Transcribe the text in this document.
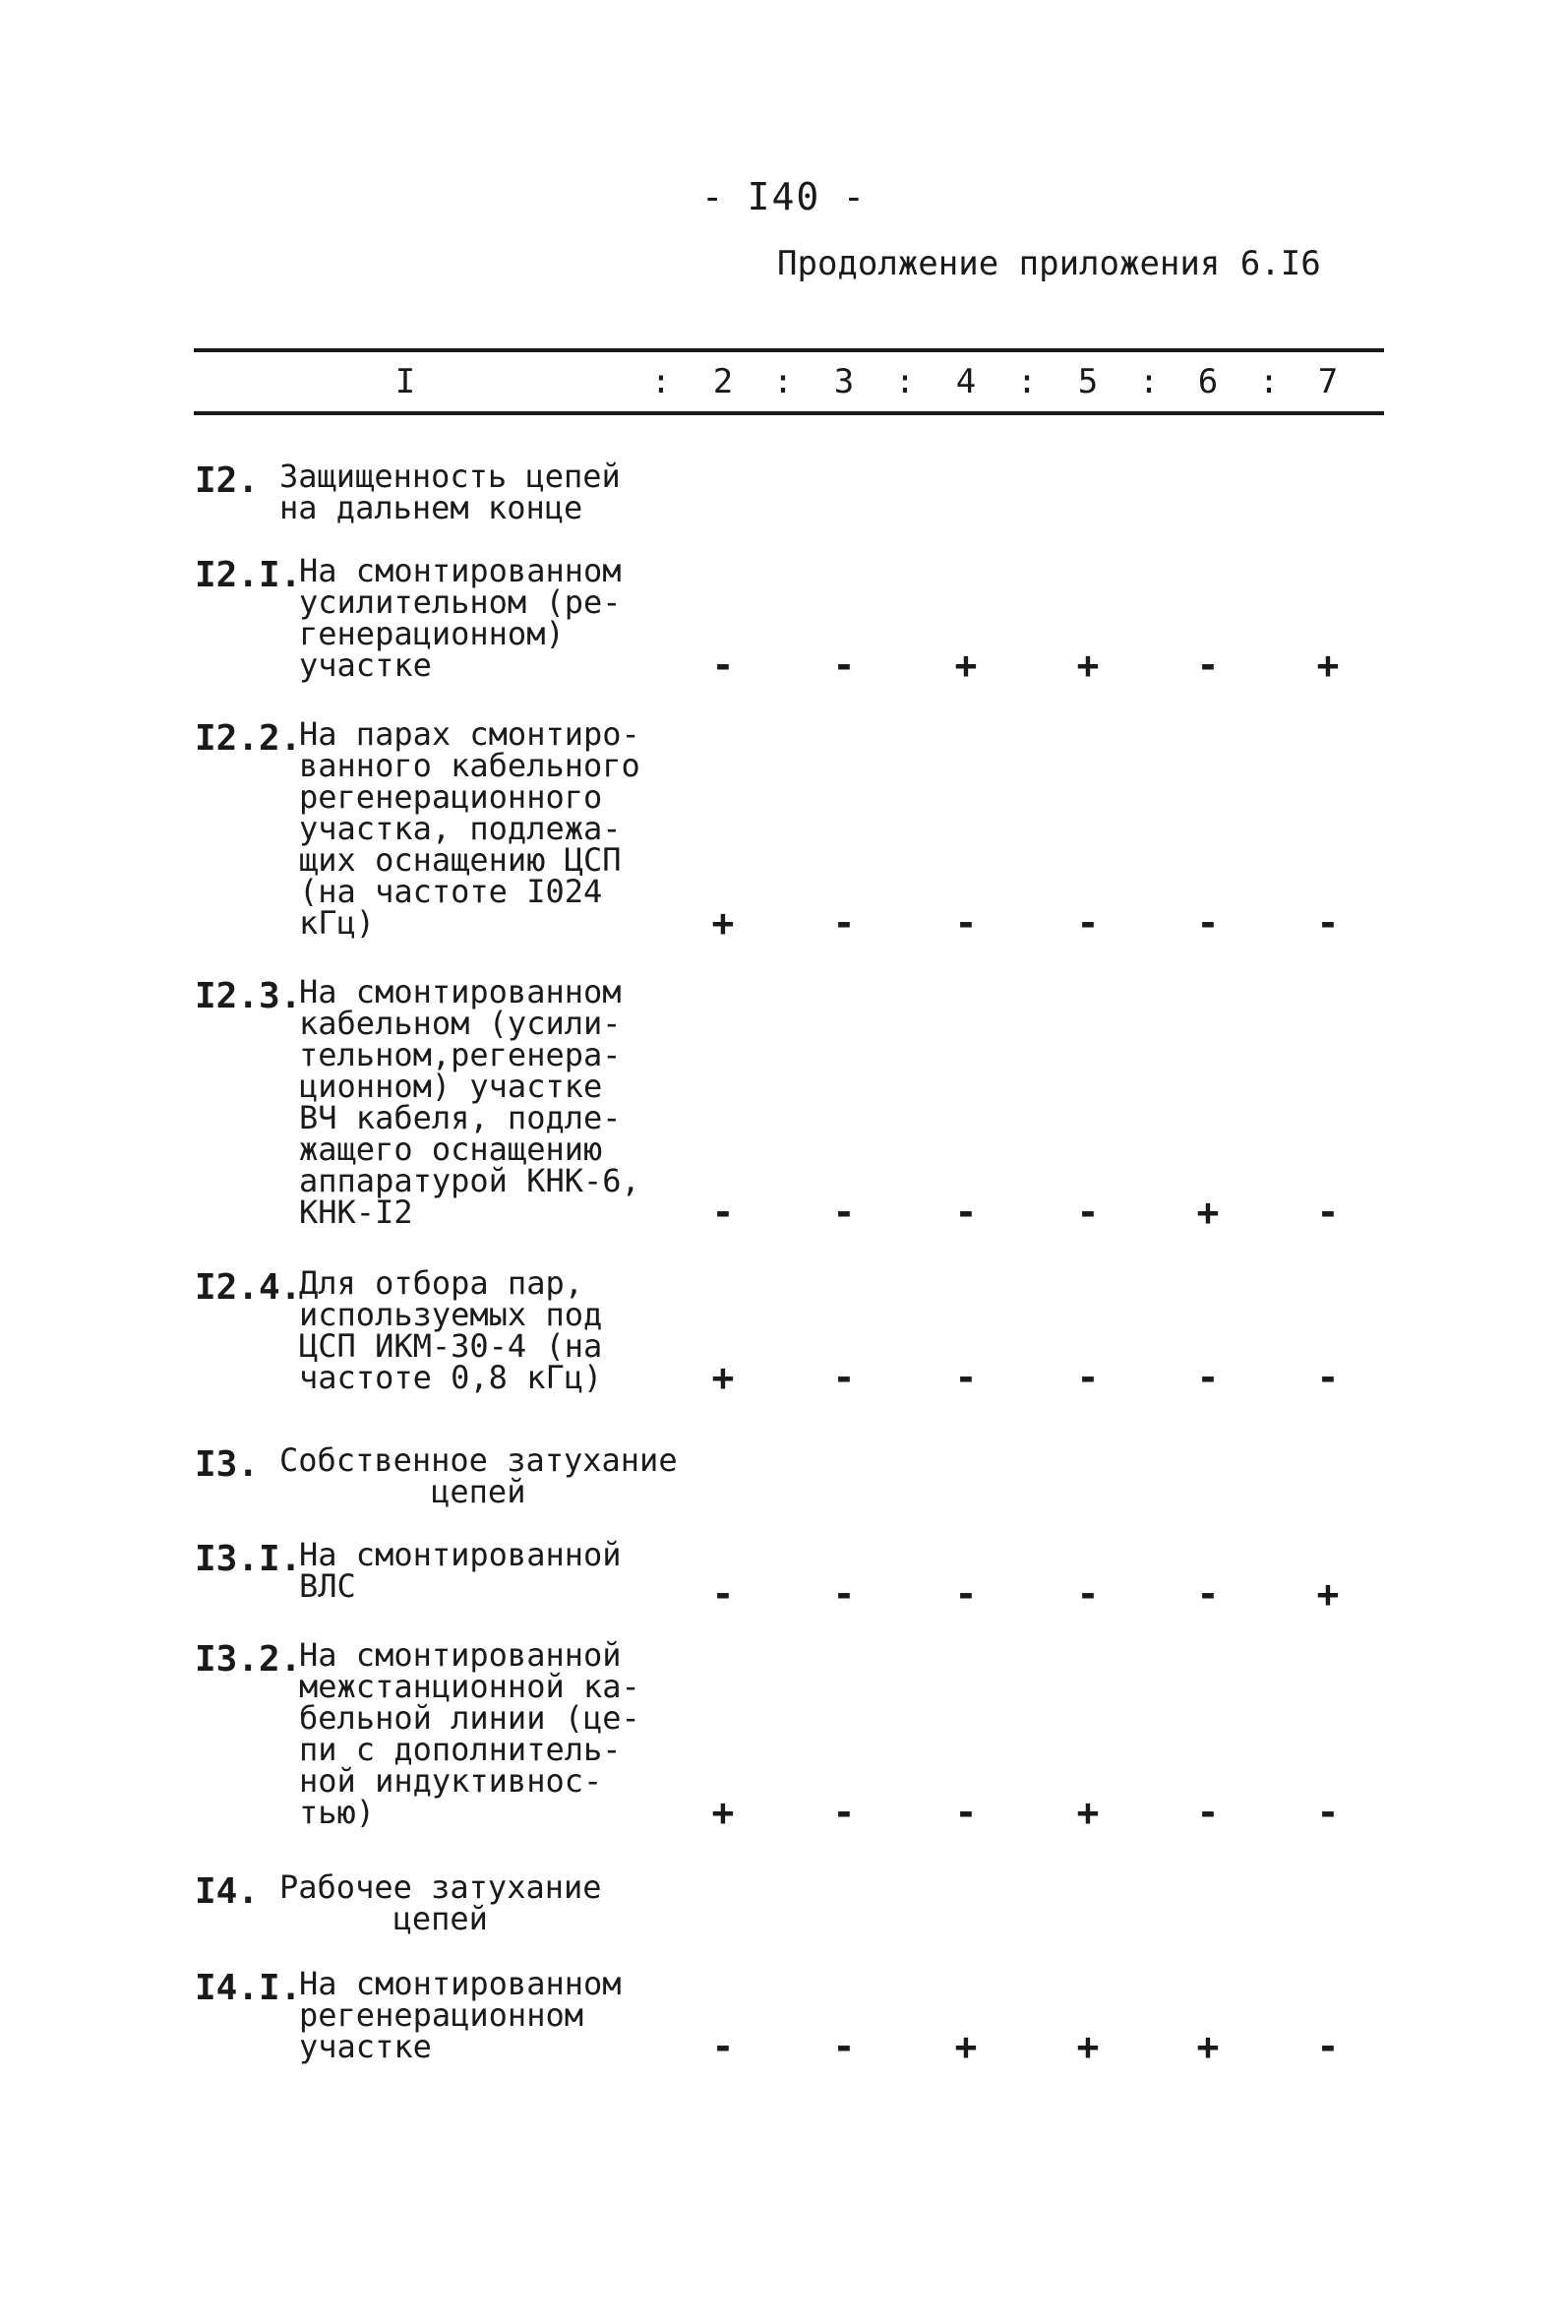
- I40 -
Продолжение приложения 6.I6
I	: 2 : 3 : 4 : 5 : 6 : 7
I2. Защищенность цепей
на дальнем конце
I2.I.
На смонтированном
усилительном (ре-
генерационном)
участке	-	-	+	+	-	+
I2.2.
На парах смонтиро-
ванного кабельного
регенерационного
участка, подлежа-
щих оснащению ЦСП
(на частоте I024
кГц)	+	-	-	-	-	-
I2.3.
На смонтированном
кабельном (усили-
тельном,регенера-
ционном) участке
ВЧ кабеля, подле-
жащего оснащению
аппаратурой КНК-6,
КНК-I2	-	-	-	-	+	-
I2.4.
Для отбора пар,
используемых под
ЦСП ИКМ-30-4 (на
частоте 0,8 кГц)	+	-	-	-	-	-
I3. Собственное затухание
цепей
I3.I.
На смонтированной
ВЛС	-	-	-	-	-	+
I3.2.
На смонтированной
межстанционной ка-
бельной линии (це-
пи с дополнитель-
ной индуктивнос-
тью)	+	-	-	+	-	-
I4. Рабочее затухание
цепей
I4.I.
На смонтированном
регенерационном
участке	-	-	+	+	+	-
